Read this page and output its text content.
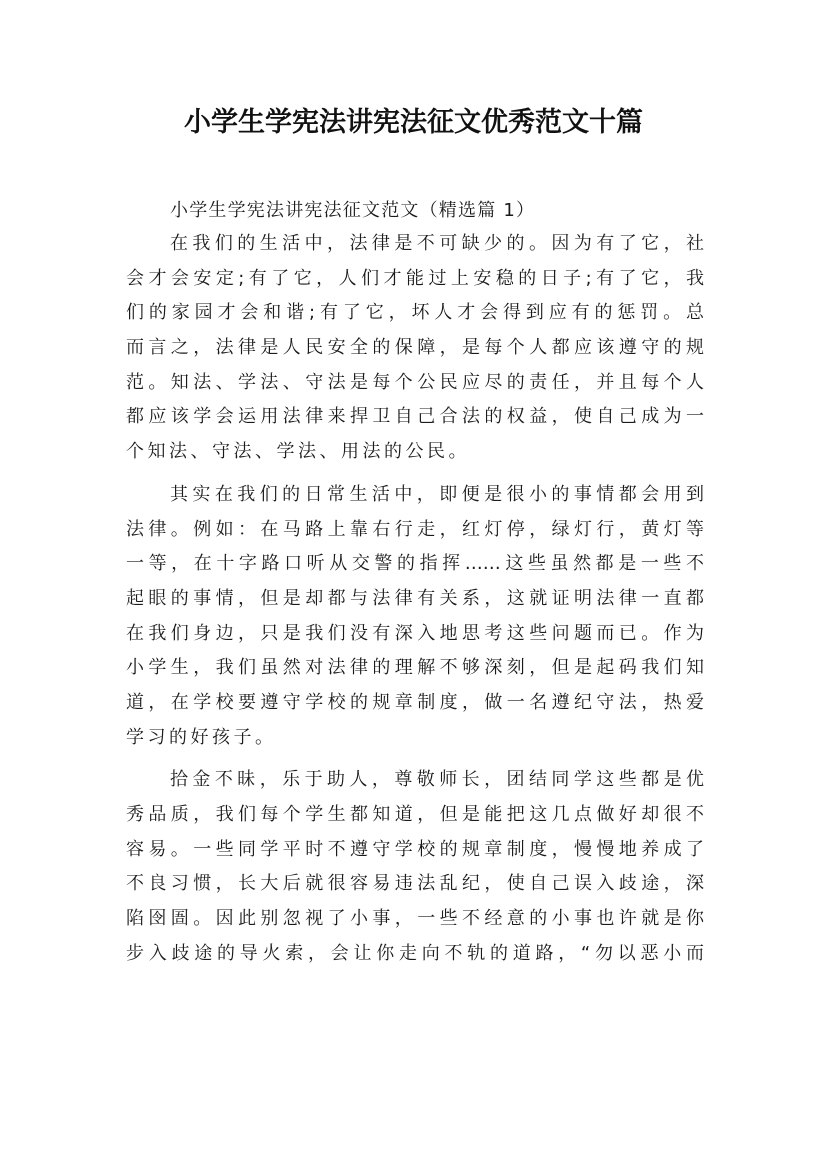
小学生学宪法讲宪法征文优秀范文十篇

小学生学宪法讲宪法征文范文（精选篇 1）

在我们的生活中，法律是不可缺少的。因为有了它，社
会才会安定;有了它，人们才能过上安稳的日子;有了它，我
们的家园才会和谐;有了它，坏人才会得到应有的惩罚。总
而言之，法律是人民安全的保障，是每个人都应该遵守的规
范。知法、学法、守法是每个公民应尽的责任，并且每个人
都应该学会运用法律来捍卫自己合法的权益，使自己成为一
个知法、守法、学法、用法的公民。

其实在我们的日常生活中，即便是很小的事情都会用到
法律。例如：在马路上靠右行走，红灯停，绿灯行，黄灯等
一等，在十字路口听从交警的指挥……这些虽然都是一些不
起眼的事情，但是却都与法律有关系，这就证明法律一直都
在我们身边，只是我们没有深入地思考这些问题而已。作为
小学生，我们虽然对法律的理解不够深刻，但是起码我们知
道，在学校要遵守学校的规章制度，做一名遵纪守法，热爱
学习的好孩子。

拾金不昧，乐于助人，尊敬师长，团结同学这些都是优
秀品质，我们每个学生都知道，但是能把这几点做好却很不
容易。一些同学平时不遵守学校的规章制度，慢慢地养成了
不良习惯，长大后就很容易违法乱纪，使自己误入歧途，深
陷囹圄。因此别忽视了小事，一些不经意的小事也许就是你
步入歧途的导火索，会让你走向不轨的道路，“勿以恶小而
